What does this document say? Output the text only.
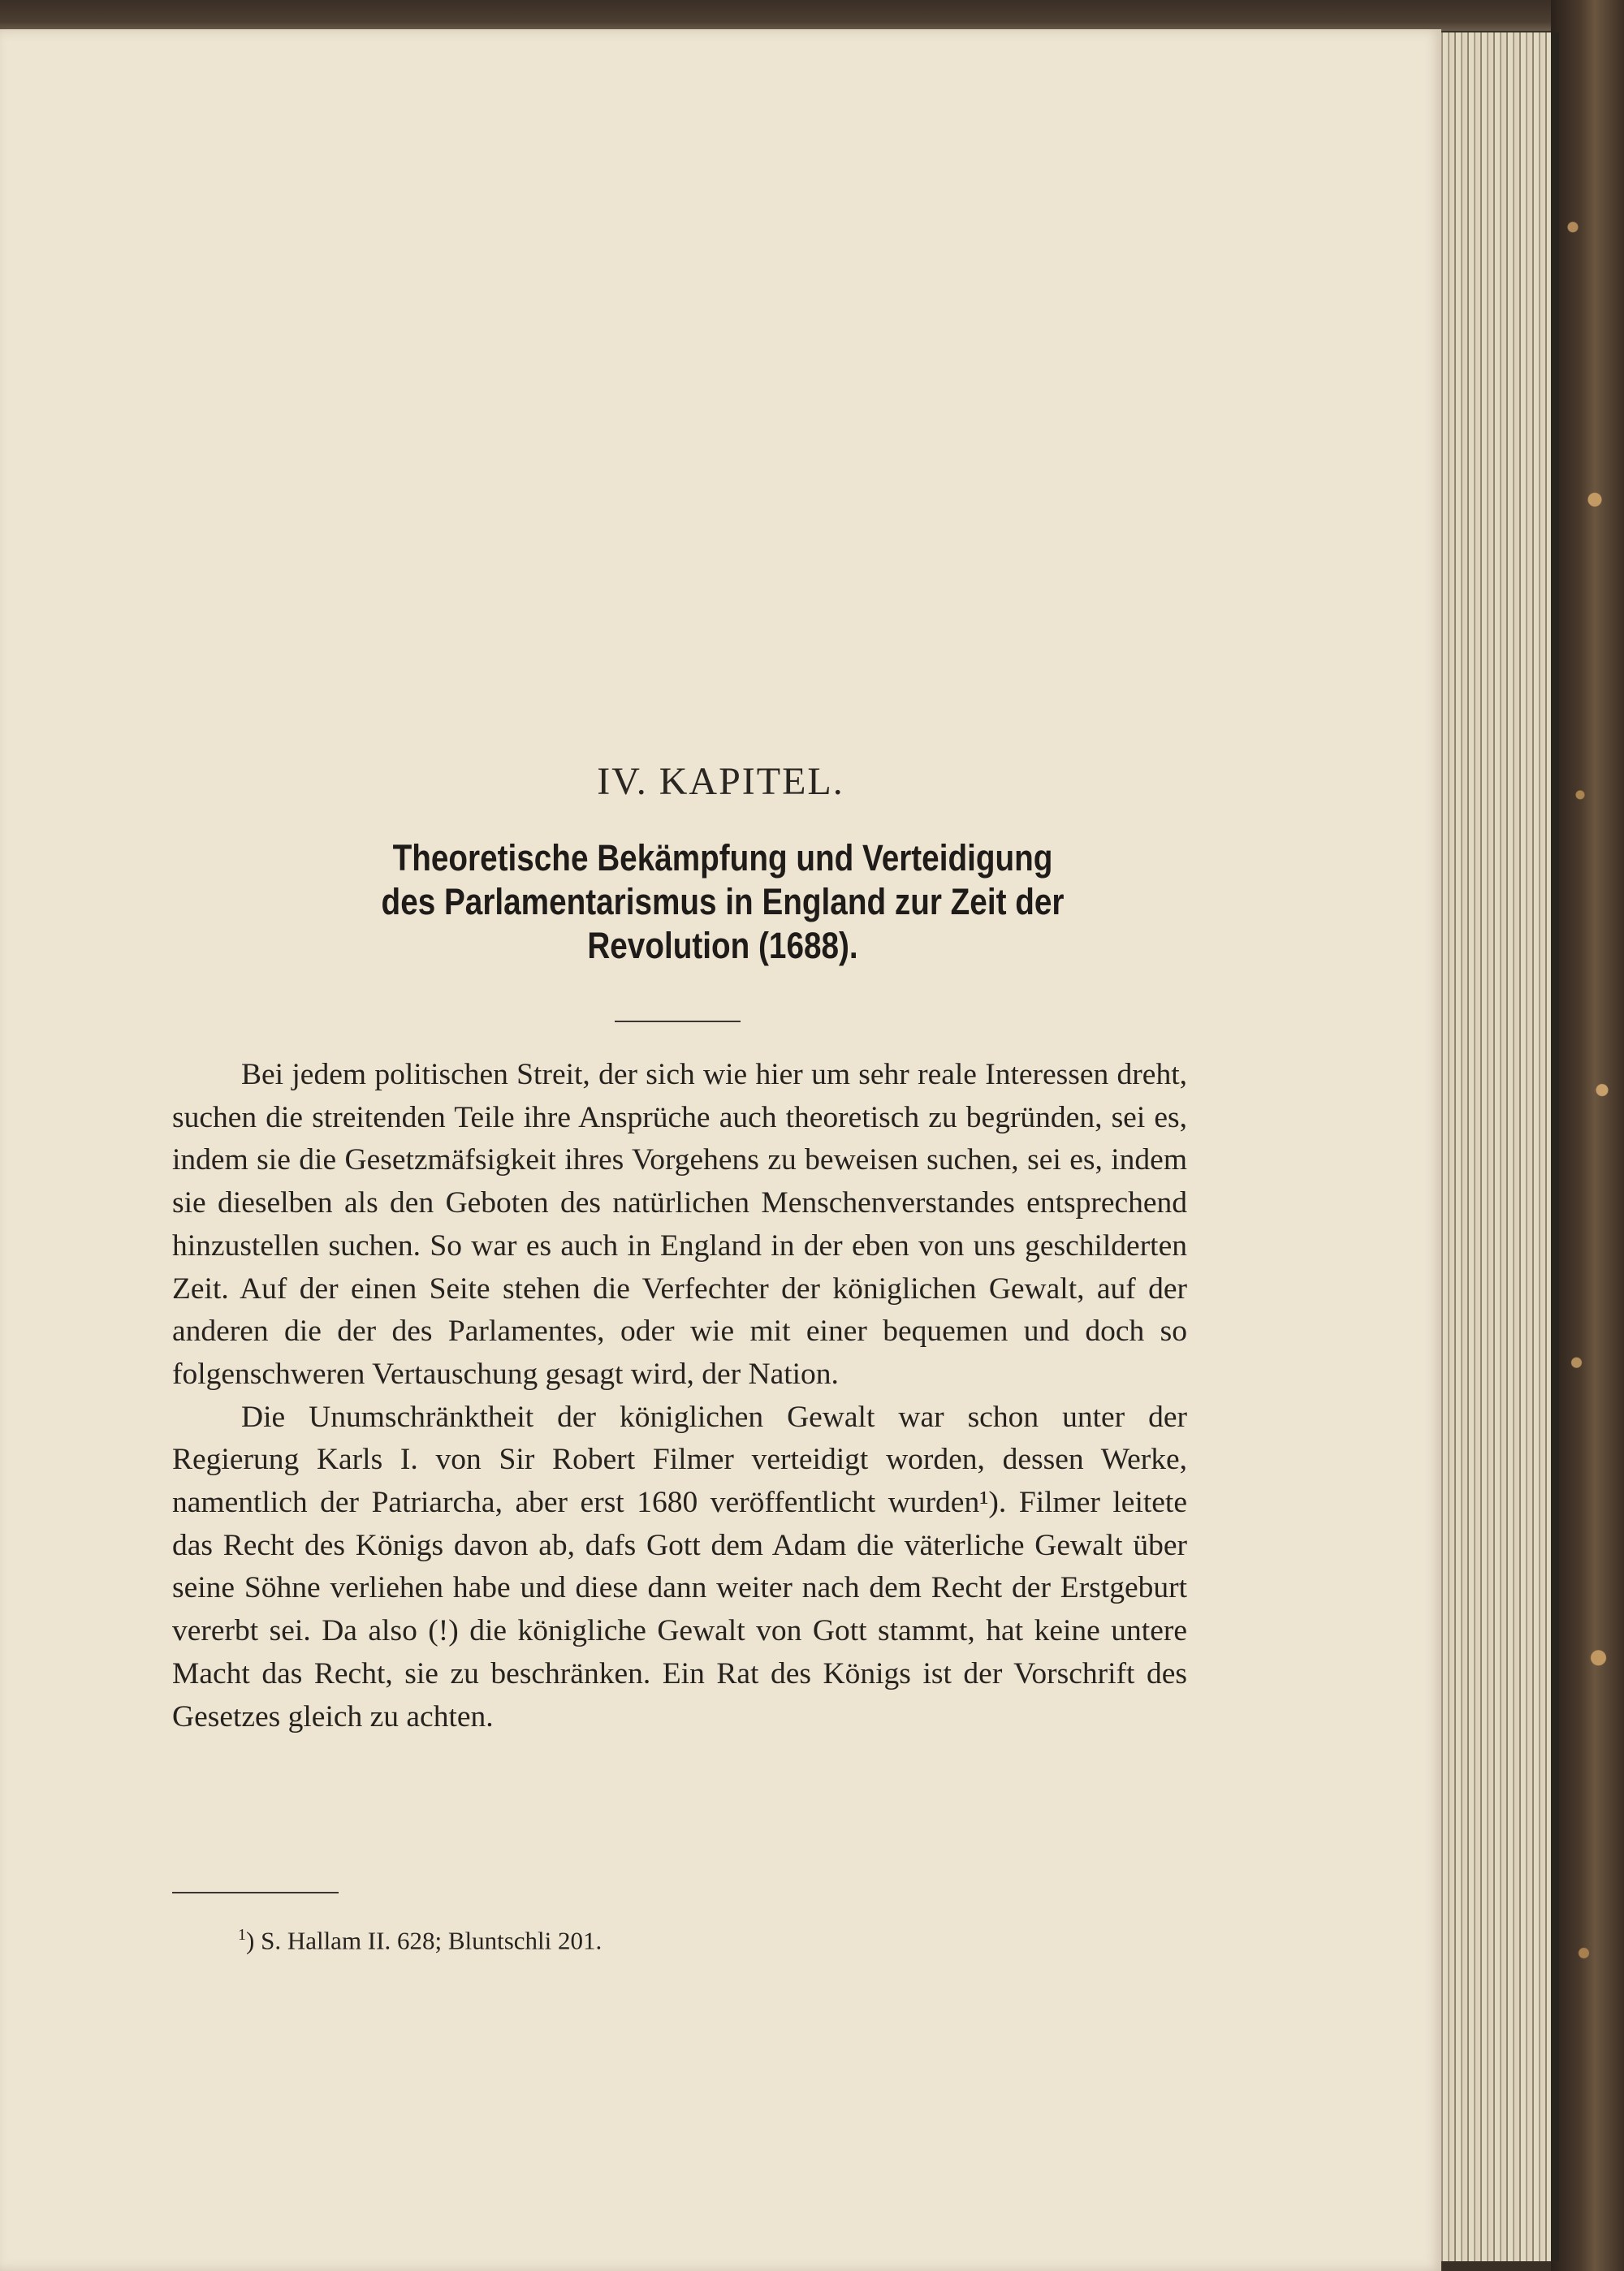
IV. KAPITEL.
Theoretische Bekämpfung und Verteidigung
des Parlamentarismus in England zur Zeit der
Revolution (1688).

Bei jedem politischen Streit, der sich wie hier um sehr reale Interessen dreht, suchen die streitenden Teile ihre Ansprüche auch theoretisch zu begründen, sei es, indem sie die Gesetzmäfsigkeit ihres Vorgehens zu beweisen suchen, sei es, indem sie dieselben als den Geboten des natürlichen Menschenverstandes entsprechend hinzustellen suchen. So war es auch in England in der eben von uns geschilderten Zeit. Auf der einen Seite stehen die Verfechter der königlichen Gewalt, auf der anderen die der des Parlamentes, oder wie mit einer bequemen und doch so folgenschweren Vertauschung gesagt wird, der Nation.

Die Unumschränktheit der königlichen Gewalt war schon unter der Regierung Karls I. von Sir Robert Filmer verteidigt worden, dessen Werke, namentlich der Patriarcha, aber erst 1680 veröffentlicht wurden¹). Filmer leitete das Recht des Königs davon ab, dafs Gott dem Adam die väterliche Gewalt über seine Söhne verliehen habe und diese dann weiter nach dem Recht der Erstgeburt vererbt sei. Da also (!) die königliche Gewalt von Gott stammt, hat keine untere Macht das Recht, sie zu beschränken. Ein Rat des Königs ist der Vorschrift des Gesetzes gleich zu achten.

$^1$) S. Hallam II. 628; Bluntschli 201.
